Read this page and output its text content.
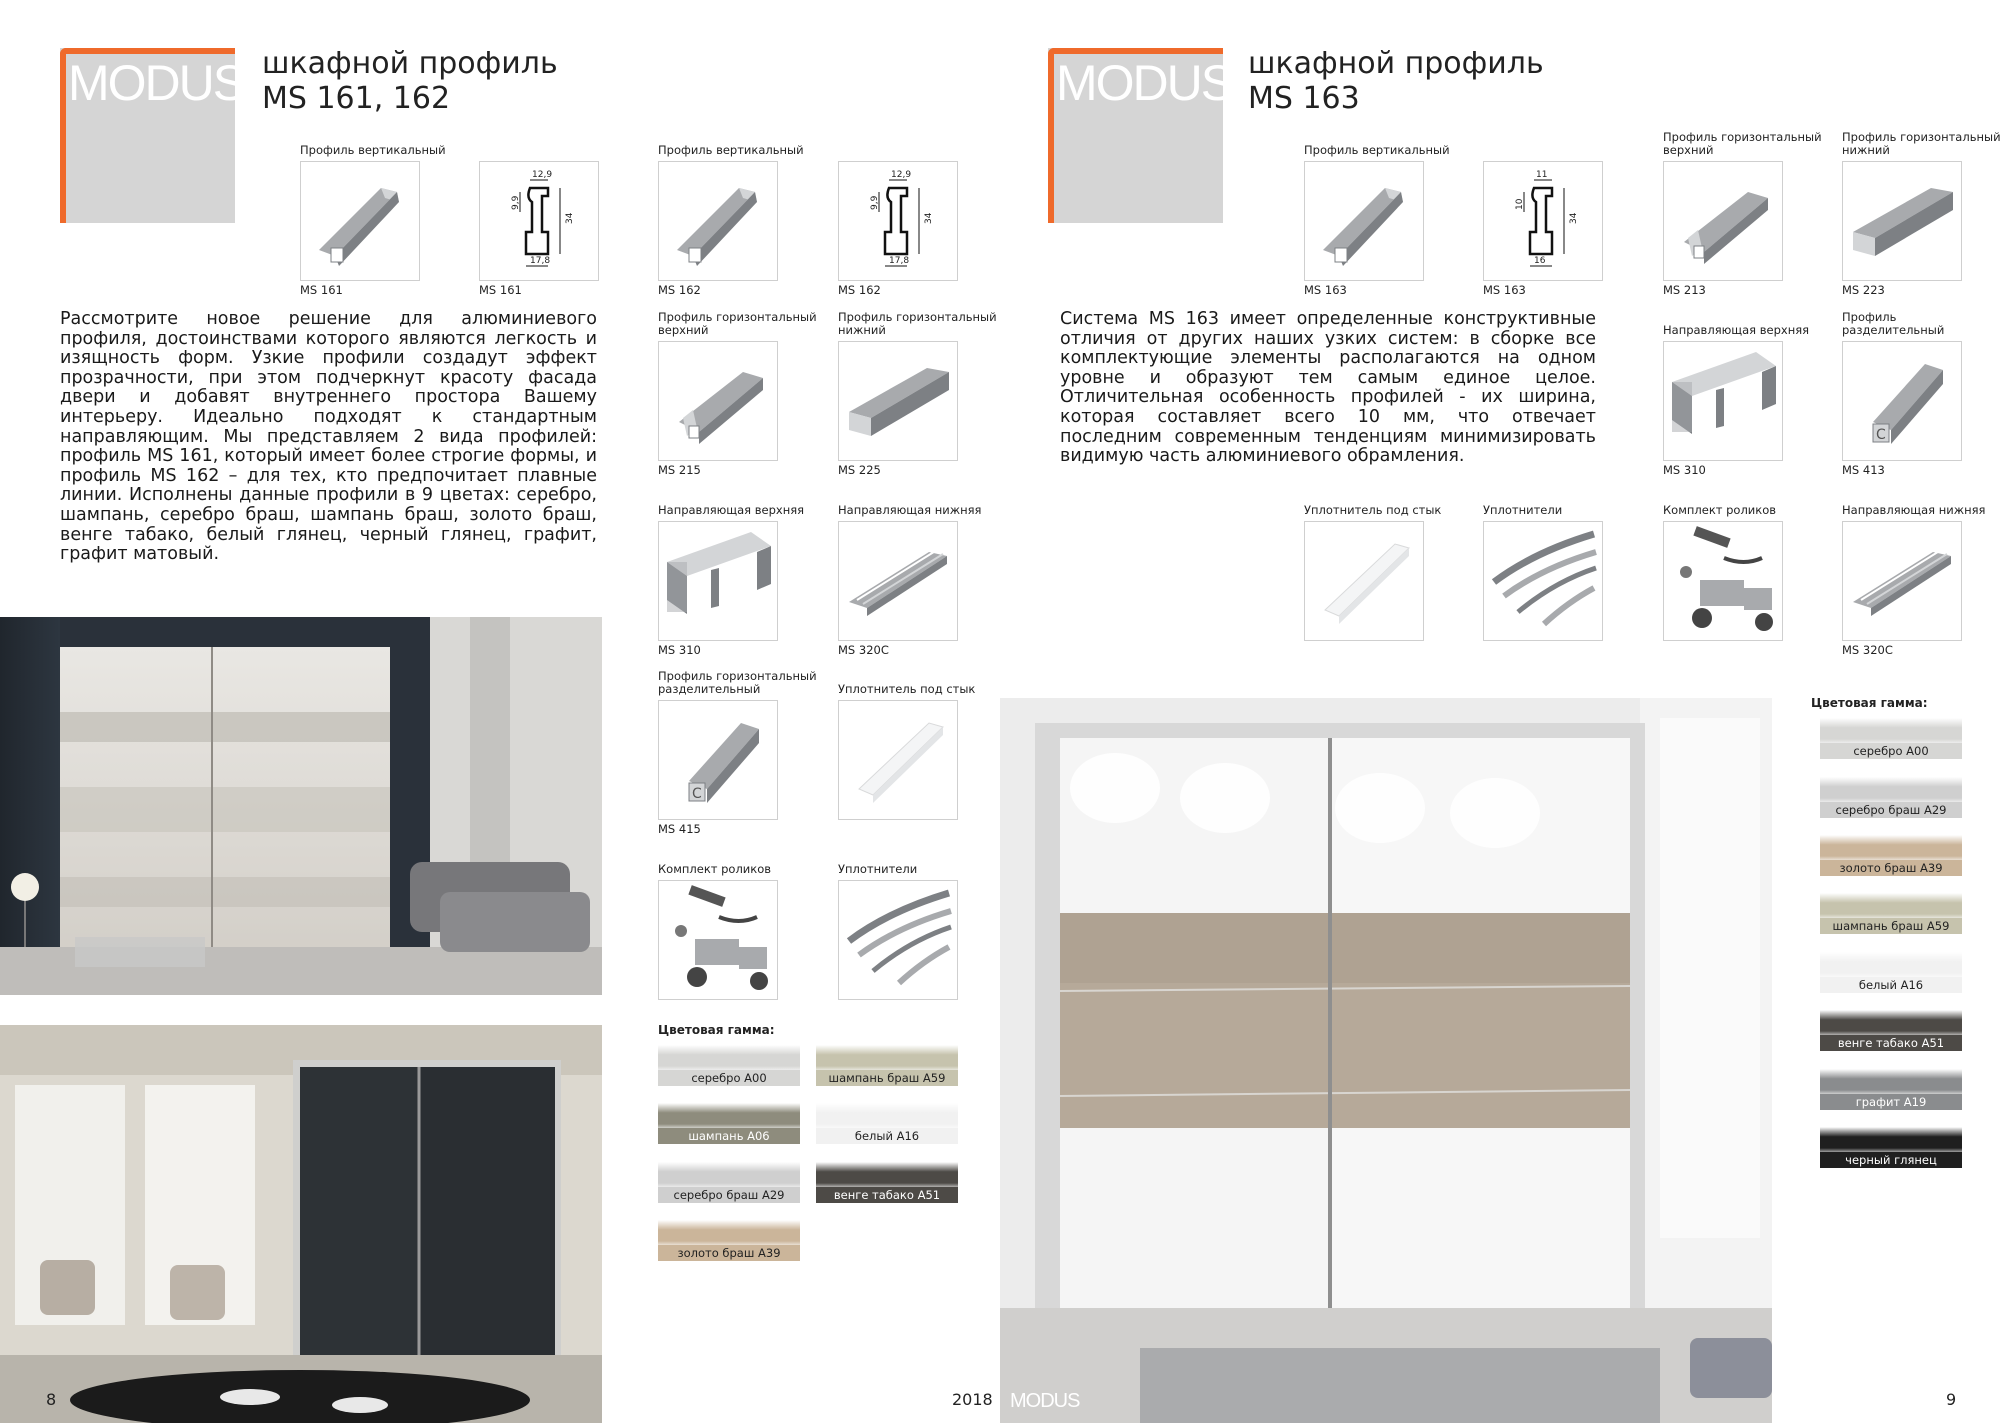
MODUS шкафной профиль
MS 161, 162
Рассмотрите новое решение для алюминиевого профиля, достоинствами которого являются легкость и изящность форм. Узкие профили создадут эффект прозрачности, при этом подчеркнут красоту фасада двери и добавят внутреннего простора Вашему интерьеру. Идеально подходят к стандартным направляющим. Мы представляем 2 вида профилей: профиль MS 161, который имеет более строгие формы, и профиль MS 162 – для тех, кто предпочитает плавные линии. Исполнены данные профили в 9 цветах: серебро, шампань, серебро браш, шампань браш, золото браш, венге табако, белый глянец, черный глянец, графит, графит матовый.
Профиль вертикальный
MS 161
12,9
9,9
34
17,8
MS 161
Профиль вертикальный
MS 162
12,9
9,9
34
17,8
MS 162
Профиль горизонтальный верхний
MS 215
Профиль горизонтальный нижний
MS 225
Направляющая верхняя
MS 310
Направляющая нижняя
MS 320C
Профиль горизонтальный разделительный
C
MS 415
Уплотнитель под стык
Комплект роликов	Уплотнители
Цветовая гамма:
серебро А00	шампань браш А59
шампань А06	белый А16
серебро браш А29	венге табако А51
золото браш А39
8	2018
MODUS шкафной профиль
MS 163
Система MS 163 имеет определенные конструктивные отличия от других наших узких систем: в сборке все комплектующие элементы располагаются на одном уровне и образуют тем самым единое целое. Отличительная особенность профилей - их ширина, которая составляет всего 10 мм, что отвечает последним современным тенденциям минимизировать видимую часть алюминиевого обрамления.
Профиль вертикальный
MS 163
11
10
34
16
MS 163
Профиль горизонтальный верхний
MS 213
Профиль горизонтальный нижний
MS 223
Направляющая верхняя
MS 310
Профиль разделительный
C
MS 413
Уплотнитель под стык	Уплотнители	Комплект роликов	Направляющая нижняя
MS 320C
Цветовая гамма:
серебро А00
серебро браш А29
золото браш А39
шампань браш А59
белый А16
венге табако А51
графит А19
черный глянец RAL9017
MODUS	9
